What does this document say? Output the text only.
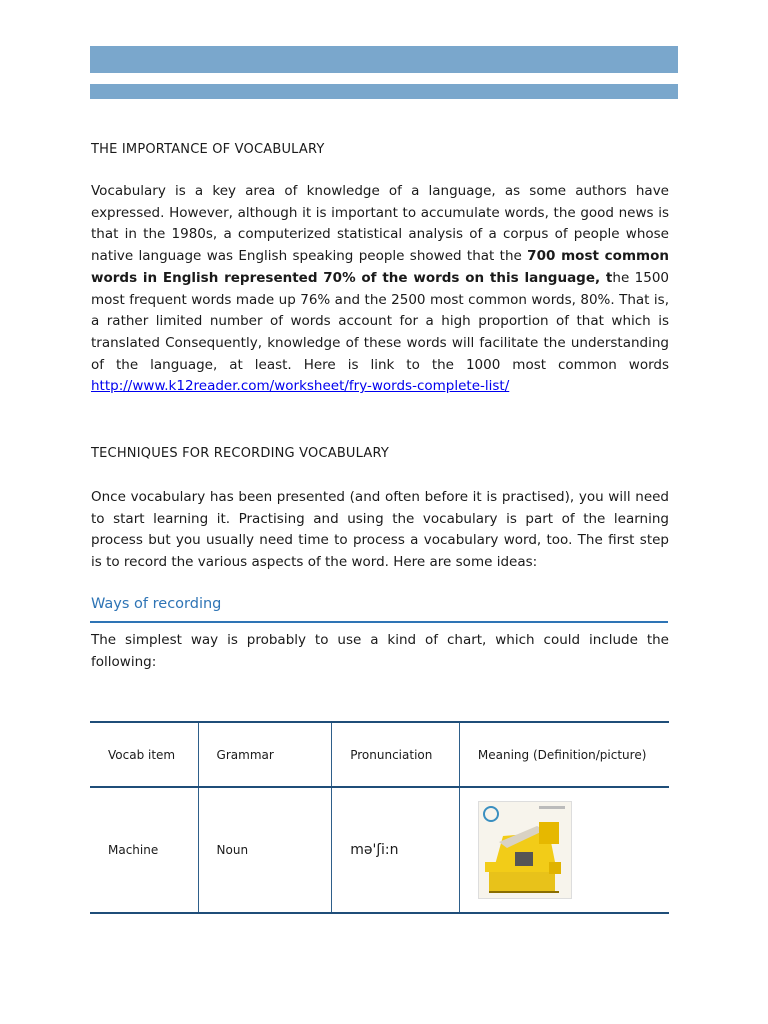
THE IMPORTANCE OF VOCABULARY

Vocabulary is a key area of knowledge of a language, as some authors have expressed. However, although it is important to accumulate words, the good news is that in the 1980s, a computerized statistical analysis of a corpus of people whose native language was English speaking people showed that the 700 most common words in English represented 70% of the words on this language, the 1500 most frequent words made up 76% and the 2500 most common words, 80%. That is, a rather limited number of words account for a high proportion of that which is translated Consequently, knowledge of these words will facilitate the understanding of the language, at least. Here is link to the 1000 most common words http://www.k12reader.com/worksheet/fry-words-complete-list/

TECHNIQUES FOR RECORDING VOCABULARY

Once vocabulary has been presented (and often before it is practised), you will need to start learning it. Practising and using the vocabulary is part of the learning process but you usually need time to process a vocabulary word, too. The first step is to record the various aspects of the word. Here are some ideas:

Ways of recording

The simplest way is probably to use a kind of chart, which could include the following:

Vocab item	Grammar	Pronunciation	Meaning (Definition/picture)
Machine	Noun	mə'ʃi:n	
